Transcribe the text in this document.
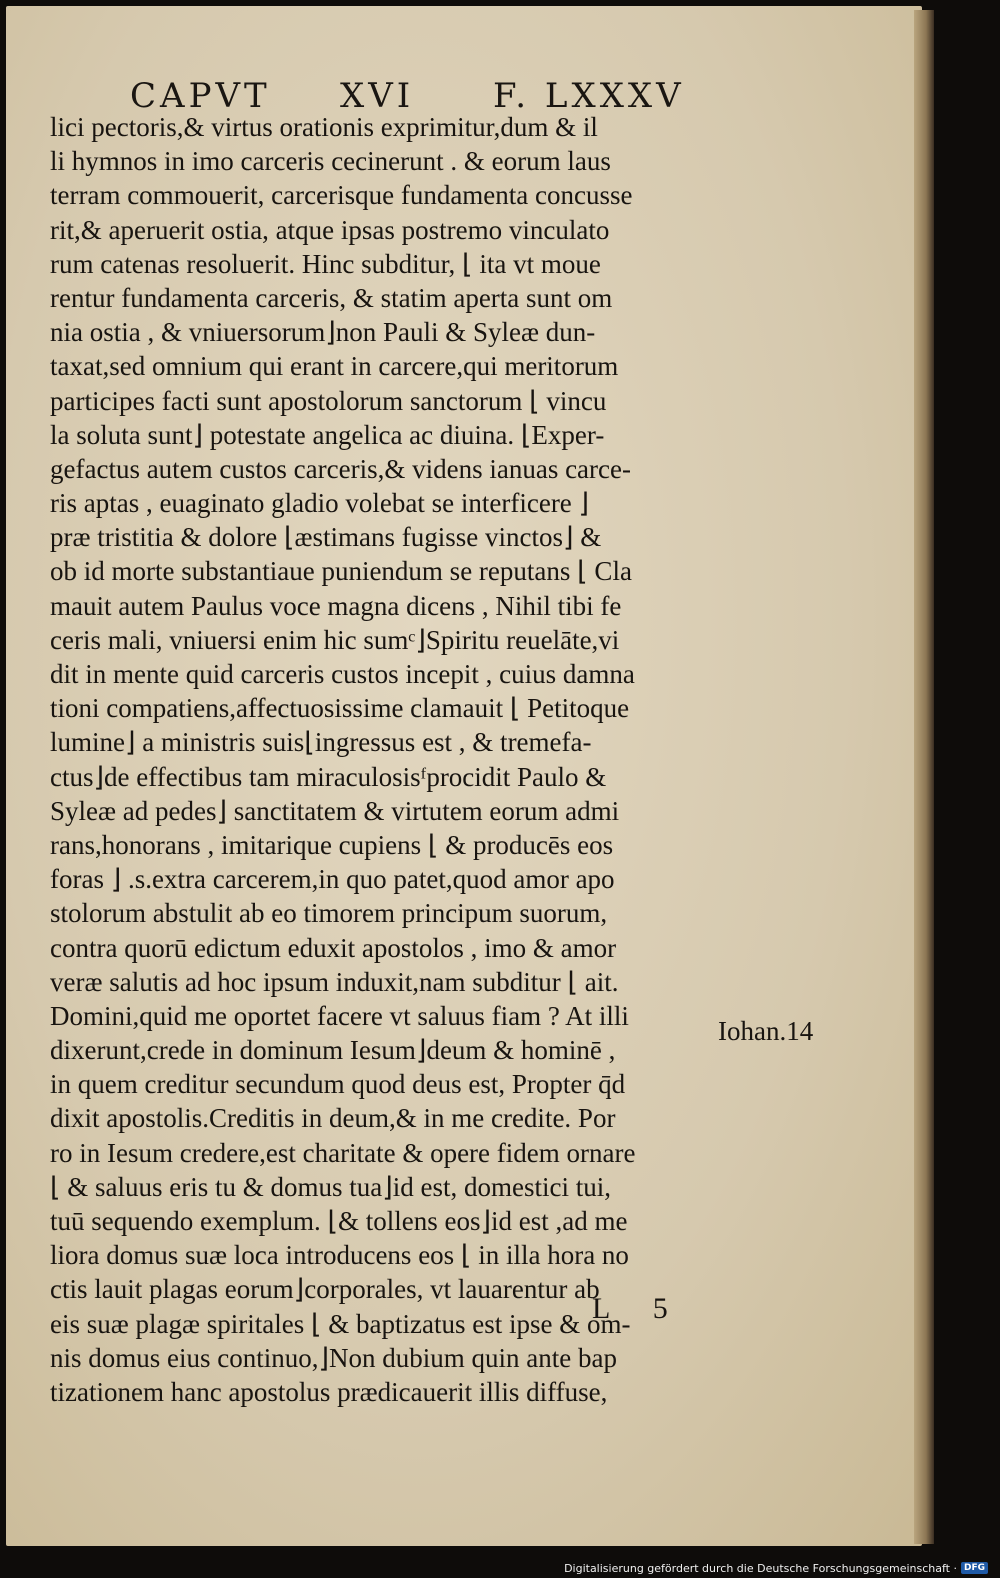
CAPVT XVI F. LXXXV
lici pectoris,& virtus orationis exprimitur,dum & il
li hymnos in imo carceris cecinerunt . & eorum laus
terram commouerit, carcerisque fundamenta concusse
rit,& aperuerit ostia, atque ipsas postremo vinculato
rum catenas resoluerit. Hinc subditur, ⌊ ita vt moue
rentur fundamenta carceris, & statim aperta sunt om
nia ostia , & vniuersorum⌋non Pauli & Syleæ dun-
taxat,sed omnium qui erant in carcere,qui meritorum
participes facti sunt apostolorum sanctorum ⌊ vincu
la soluta sunt⌋ potestate angelica ac diuina. ⌊Exper-
gefactus autem custos carceris,& videns ianuas carce-
ris aptas , euaginato gladio volebat se interficere ⌋
præ tristitia & dolore ⌊æstimans fugisse vinctos⌋ &
ob id morte substantiaue puniendum se reputans ⌊ Cla
mauit autem Paulus voce magna dicens , Nihil tibi fe
ceris mali, vniuersi enim hic sumᶜ⌋Spiritu reuelāte,vi
dit in mente quid carceris custos incepit , cuius damna
tioni compatiens,affectuosissime clamauit ⌊ Petitoque
lumine⌋ a ministris suis⌊ingressus est , & tremefa-
ctus⌋de effectibus tam miraculosisᶠprocidit Paulo &
Syleæ ad pedes⌋ sanctitatem & virtutem eorum admi
rans,honorans , imitarique cupiens ⌊ & producēs eos
foras ⌋ .s.extra carcerem,in quo patet,quod amor apo
stolorum abstulit ab eo timorem principum suorum,
contra quorū edictum eduxit apostolos , imo & amor
veræ salutis ad hoc ipsum induxit,nam subditur ⌊ ait.
Domini,quid me oportet facere vt saluus fiam ? At illi
dixerunt,crede in dominum Iesum⌋deum & hominē ,
in quem creditur secundum quod deus est, Propter q̄d
dixit apostolis.Creditis in deum,& in me credite. Por
ro in Iesum credere,est charitate & opere fidem ornare
⌊ & saluus eris tu & domus tua⌋id est, domestici tui,
tuū sequendo exemplum. ⌊& tollens eos⌋id est ,ad me
liora domus suæ loca introducens eos ⌊ in illa hora no
ctis lauit plagas eorum⌋corporales, vt lauarentur ab
eis suæ plagæ spiritales ⌊ & baptizatus est ipse & om-
nis domus eius continuo,⌋Non dubium quin ante bap
tizationem hanc apostolus prædicauerit illis diffuse,
Iohan.14
L 5
Digitalisierung gefördert durch die Deutsche Forschungsgemeinschaft · DFG
